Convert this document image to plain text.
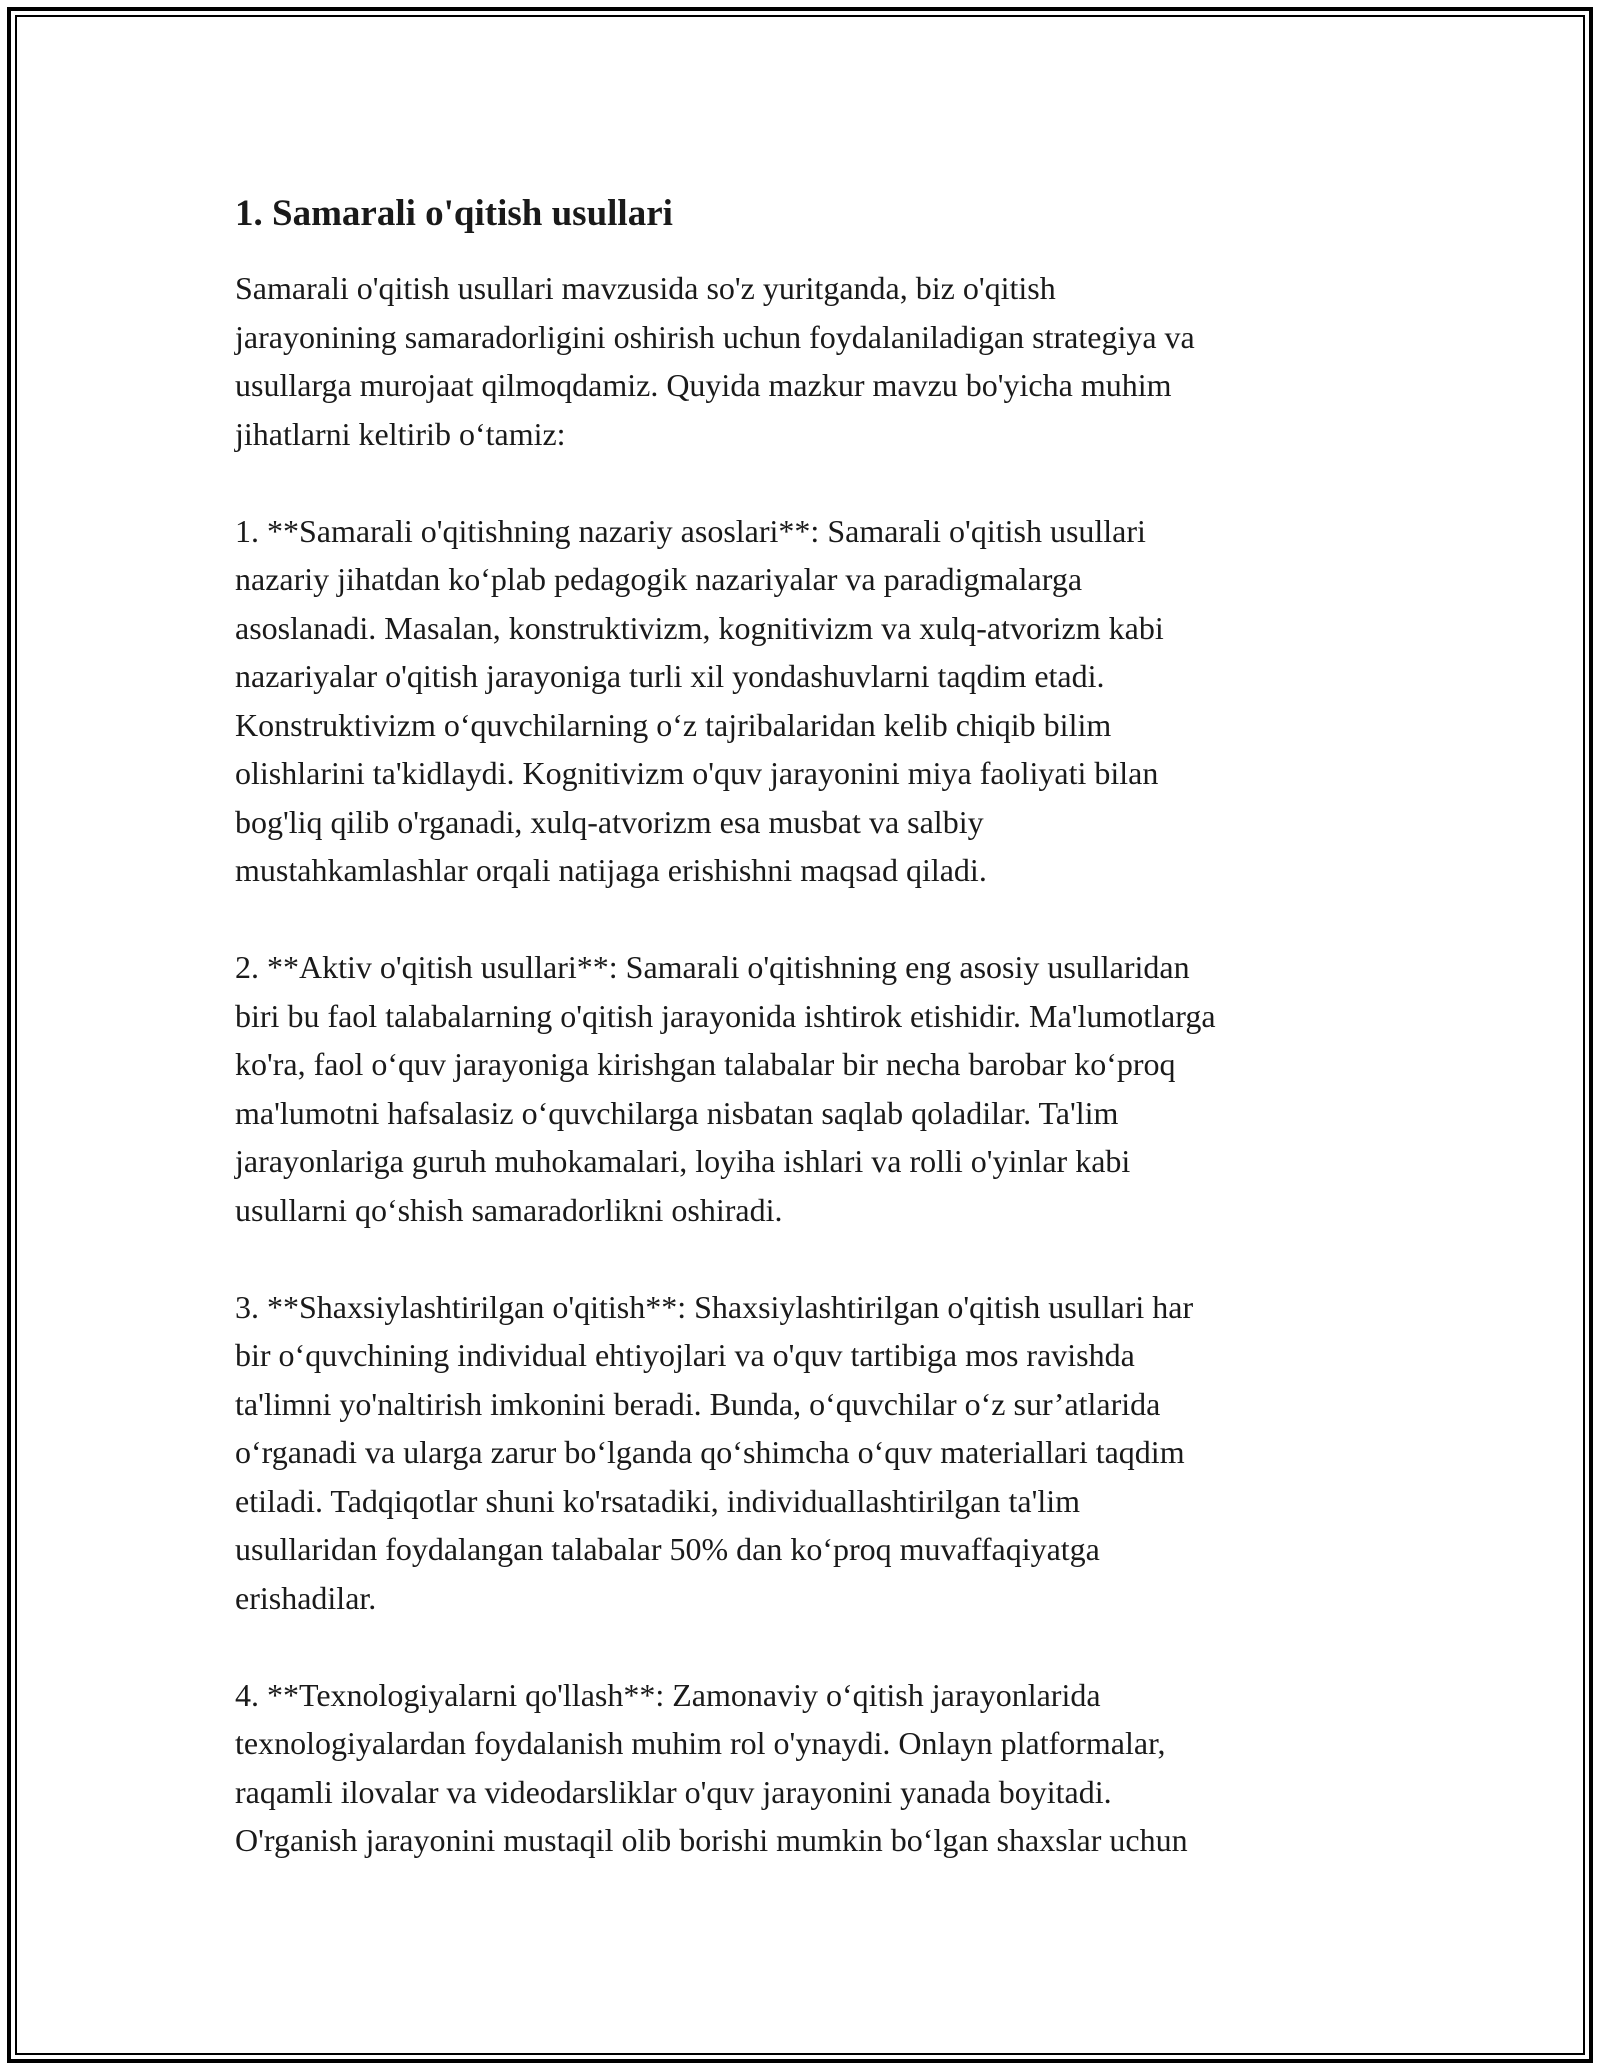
1. Samarali o'qitish usullari
Samarali o'qitish usullari mavzusida so'z yuritganda, biz o'qitish
jarayonining samaradorligini oshirish uchun foydalaniladigan strategiya va
usullarga murojaat qilmoqdamiz. Quyida mazkur mavzu bo'yicha muhim
jihatlarni keltirib o‘tamiz:
1. **Samarali o'qitishning nazariy asoslari**: Samarali o'qitish usullari
nazariy jihatdan ko‘plab pedagogik nazariyalar va paradigmalarga
asoslanadi. Masalan, konstruktivizm, kognitivizm va xulq-atvorizm kabi
nazariyalar o'qitish jarayoniga turli xil yondashuvlarni taqdim etadi.
Konstruktivizm o‘quvchilarning o‘z tajribalaridan kelib chiqib bilim
olishlarini ta'kidlaydi. Kognitivizm o'quv jarayonini miya faoliyati bilan
bog'liq qilib o'rganadi, xulq-atvorizm esa musbat va salbiy
mustahkamlashlar orqali natijaga erishishni maqsad qiladi.
2. **Aktiv o'qitish usullari**: Samarali o'qitishning eng asosiy usullaridan
biri bu faol talabalarning o'qitish jarayonida ishtirok etishidir. Ma'lumotlarga
ko'ra, faol o‘quv jarayoniga kirishgan talabalar bir necha barobar ko‘proq
ma'lumotni hafsalasiz o‘quvchilarga nisbatan saqlab qoladilar. Ta'lim
jarayonlariga guruh muhokamalari, loyiha ishlari va rolli o'yinlar kabi
usullarni qo‘shish samaradorlikni oshiradi.
3. **Shaxsiylashtirilgan o'qitish**: Shaxsiylashtirilgan o'qitish usullari har
bir o‘quvchining individual ehtiyojlari va o'quv tartibiga mos ravishda
ta'limni yo'naltirish imkonini beradi. Bunda, o‘quvchilar o‘z sur’atlarida
o‘rganadi va ularga zarur bo‘lganda qo‘shimcha o‘quv materiallari taqdim
etiladi. Tadqiqotlar shuni ko'rsatadiki, individuallashtirilgan ta'lim
usullaridan foydalangan talabalar 50% dan ko‘proq muvaffaqiyatga
erishadilar.
4. **Texnologiyalarni qo'llash**: Zamonaviy o‘qitish jarayonlarida
texnologiyalardan foydalanish muhim rol o'ynaydi. Onlayn platformalar,
raqamli ilovalar va videodarsliklar o'quv jarayonini yanada boyitadi.
O'rganish jarayonini mustaqil olib borishi mumkin bo‘lgan shaxslar uchun
